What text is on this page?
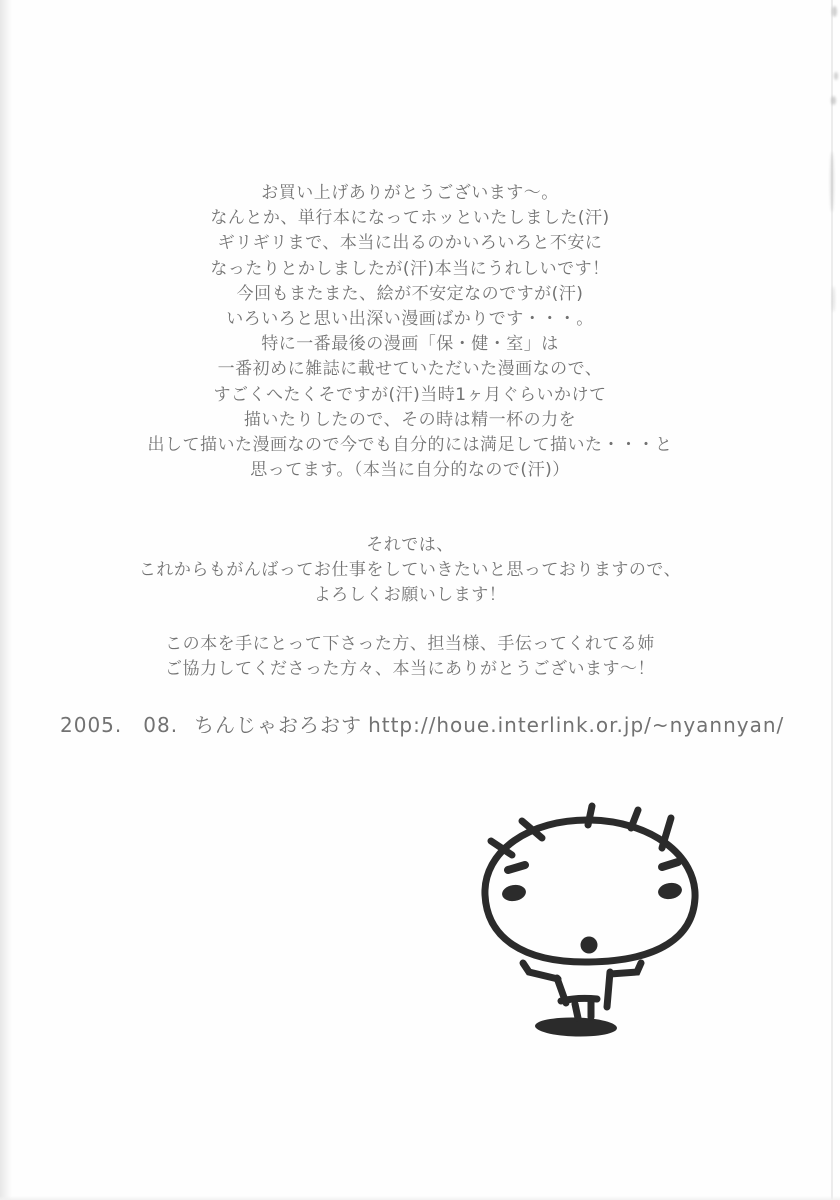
お買い上げありがとうございます～。
なんとか、単行本になってホッといたしました(汗)
ギリギリまで、本当に出るのかいろいろと不安に
なったりとかしましたが(汗)本当にうれしいです！
今回もまたまた、絵が不安定なのですが(汗)
いろいろと思い出深い漫画ばかりです・・・。
特に一番最後の漫画「保・健・室」は
一番初めに雑誌に載せていただいた漫画なので、
すごくへたくそですが(汗)当時1ヶ月ぐらいかけて
描いたりしたので、その時は精一杯の力を
出して描いた漫画なので今でも自分的には満足して描いた・・・と
思ってます。（本当に自分的なので(汗)）
それでは、
これからもがんばってお仕事をしていきたいと思っておりますので、
よろしくお願いします！
この本を手にとって下さった方、担当様、手伝ってくれてる姉
ご協力してくださった方々、本当にありがとうございます～！
2005.　08. ちんじゃおろおす http://houe.interlink.or.jp/~nyannyan/
